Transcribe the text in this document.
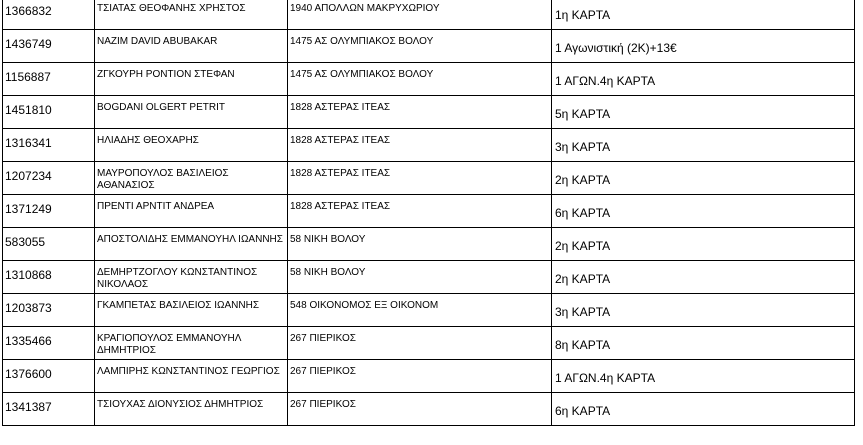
1366832	ΤΣΙΑΤΑΣ ΘΕΟΦΑΝΗΣ ΧΡΗΣΤΟΣ	1940 ΑΠΟΛΛΩΝ ΜΑΚΡΥΧΩΡΙΟΥ	1η ΚΑΡΤΑ

1436749	NAZIM DAVID ABUBAKAR	1475 ΑΣ ΟΛΥΜΠΙΑΚΟΣ ΒΟΛΟΥ	1 Αγωνιστική (2Κ)+13€

1156887	ΖΓΚΟΥΡΗ ΡΟΝΤΙΟΝ ΣΤΕΦΑΝ	1475 ΑΣ ΟΛΥΜΠΙΑΚΟΣ ΒΟΛΟΥ	1 ΑΓΩΝ.4η ΚΑΡΤΑ

1451810	BOGDANI OLGERT PETRIT	1828 ΑΣΤΕΡΑΣ ΙΤΕΑΣ	5η ΚΑΡΤΑ

1316341	ΗΛΙΑΔΗΣ ΘΕΟΧΑΡΗΣ	1828 ΑΣΤΕΡΑΣ ΙΤΕΑΣ	3η ΚΑΡΤΑ

1207234	ΜΑΥΡΟΠΟΥΛΟΣ ΒΑΣΙΛΕΙΟΣ ΑΘΑΝΑΣΙΟΣ	1828 ΑΣΤΕΡΑΣ ΙΤΕΑΣ	2η ΚΑΡΤΑ

1371249	ΠΡΕΝΤΙ ΑΡΝΤΙΤ ΑΝΔΡΕΑ	1828 ΑΣΤΕΡΑΣ ΙΤΕΑΣ	6η ΚΑΡΤΑ

583055	ΑΠΟΣΤΟΛΙΔΗΣ ΕΜΜΑΝΟΥΗΛ ΙΩΑΝΝΗΣ	58 ΝΙΚΗ ΒΟΛΟΥ	2η ΚΑΡΤΑ

1310868	ΔΕΜΗΡΤΖΟΓΛΟΥ ΚΩΝΣΤΑΝΤΙΝΟΣ ΝΙΚΟΛΑΟΣ	58 ΝΙΚΗ ΒΟΛΟΥ	2η ΚΑΡΤΑ

1203873	ΓΚΑΜΠΕΤΑΣ ΒΑΣΙΛΕΙΟΣ ΙΩΑΝΝΗΣ	548 ΟΙΚΟΝΟΜΟΣ ΕΞ ΟΙΚΟΝΟΜ	3η ΚΑΡΤΑ

1335466	ΚΡΑΓΙΟΠΟΥΛΟΣ ΕΜΜΑΝΟΥΗΛ ΔΗΜΗΤΡΙΟΣ	267 ΠΙΕΡΙΚΟΣ	8η ΚΑΡΤΑ

1376600	ΛΑΜΠΙΡΗΣ ΚΩΝΣΤΑΝΤΙΝΟΣ ΓΕΩΡΓΙΟΣ	267 ΠΙΕΡΙΚΟΣ	1 ΑΓΩΝ.4η ΚΑΡΤΑ

1341387	ΤΣΙΟΥΧΑΣ ΔΙΟΝΥΣΙΟΣ ΔΗΜΗΤΡΙΟΣ	267 ΠΙΕΡΙΚΟΣ	6η ΚΑΡΤΑ
